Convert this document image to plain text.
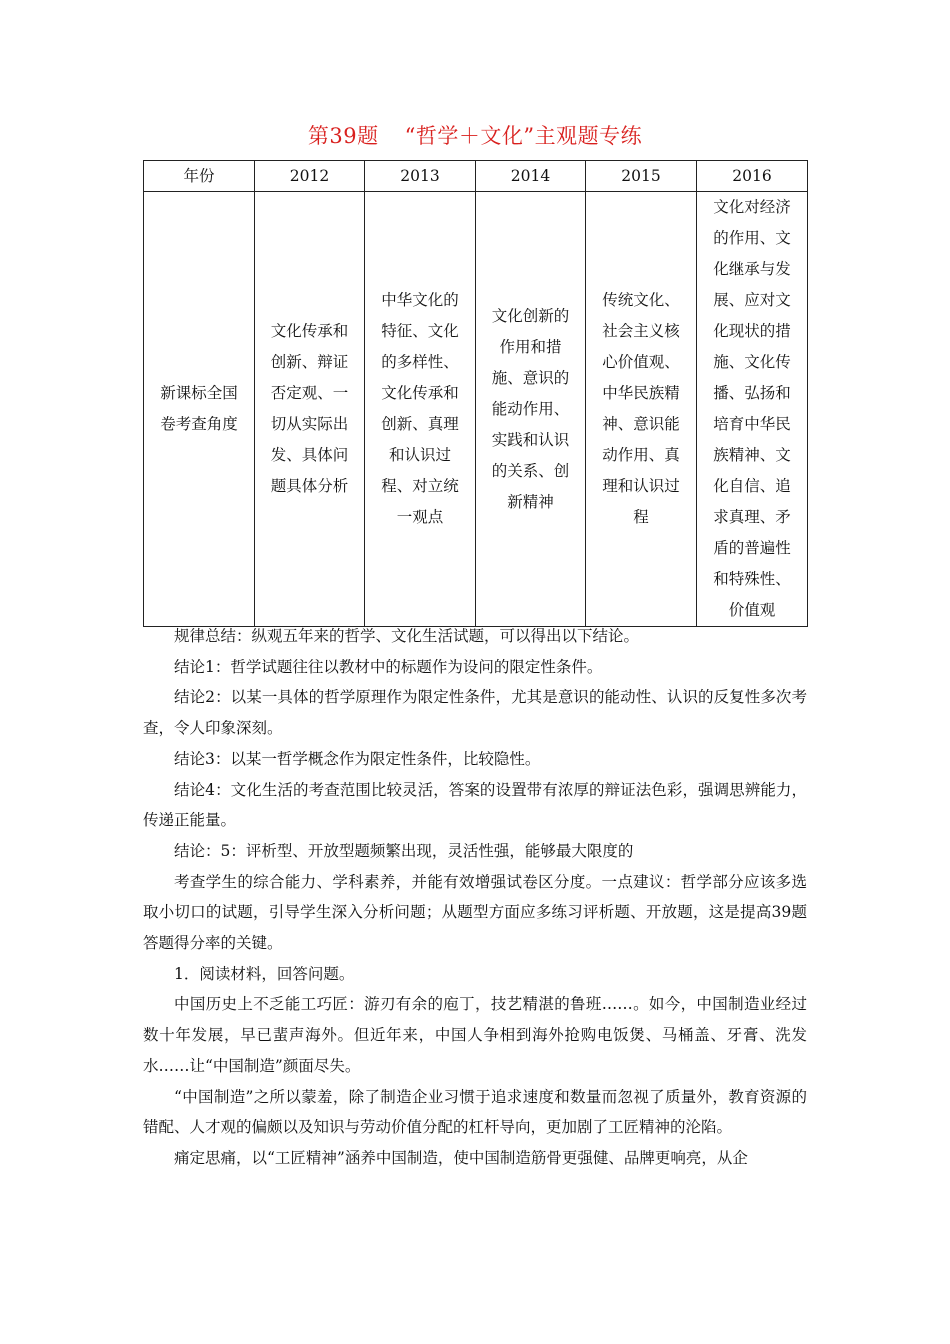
第39题 “哲学＋文化”主观题专练
年份	2012	2013	2014	2015	2016
新课标全国卷考查角度	文化传承和创新、辩证否定观、一切从实际出发、具体问题具体分析	中华文化的特征、文化的多样性、文化传承和创新、真理和认识过程、对立统一观点	文化创新的作用和措施、意识的能动作用、实践和认识的关系、创新精神	传统文化、社会主义核心价值观、中华民族精神、意识能动作用、真理和认识过程	文化对经济的作用、文化继承与发展、应对文化现状的措施、文化传播、弘扬和培育中华民族精神、文化自信、追求真理、矛盾的普遍性和特殊性、价值观

规律总结：纵观五年来的哲学、文化生活试题，可以得出以下结论。

结论1：哲学试题往往以教材中的标题作为设问的限定性条件。

结论2：以某一具体的哲学原理作为限定性条件，尤其是意识的能动性、认识的反复性多次考查，令人印象深刻。

结论3：以某一哲学概念作为限定性条件，比较隐性。

结论4：文化生活的考查范围比较灵活，答案的设置带有浓厚的辩证法色彩，强调思辨能力，传递正能量。

结论：5：评析型、开放型题频繁出现，灵活性强，能够最大限度的

考查学生的综合能力、学科素养，并能有效增强试卷区分度。一点建议：哲学部分应该多选取小切口的试题，引导学生深入分析问题；从题型方面应多练习评析题、开放题，这是提高39题答题得分率的关键。

1．阅读材料，回答问题。

中国历史上不乏能工巧匠：游刃有余的庖丁，技艺精湛的鲁班……。如今，中国制造业经过数十年发展，早已蜚声海外。但近年来，中国人争相到海外抢购电饭煲、马桶盖、牙膏、洗发水……让“中国制造”颜面尽失。

“中国制造”之所以蒙羞，除了制造企业习惯于追求速度和数量而忽视了质量外，教育资源的错配、人才观的偏颇以及知识与劳动价值分配的杠杆导向，更加剧了工匠精神的沦陷。

痛定思痛，以“工匠精神”涵养中国制造，使中国制造筋骨更强健、品牌更响亮，从企
